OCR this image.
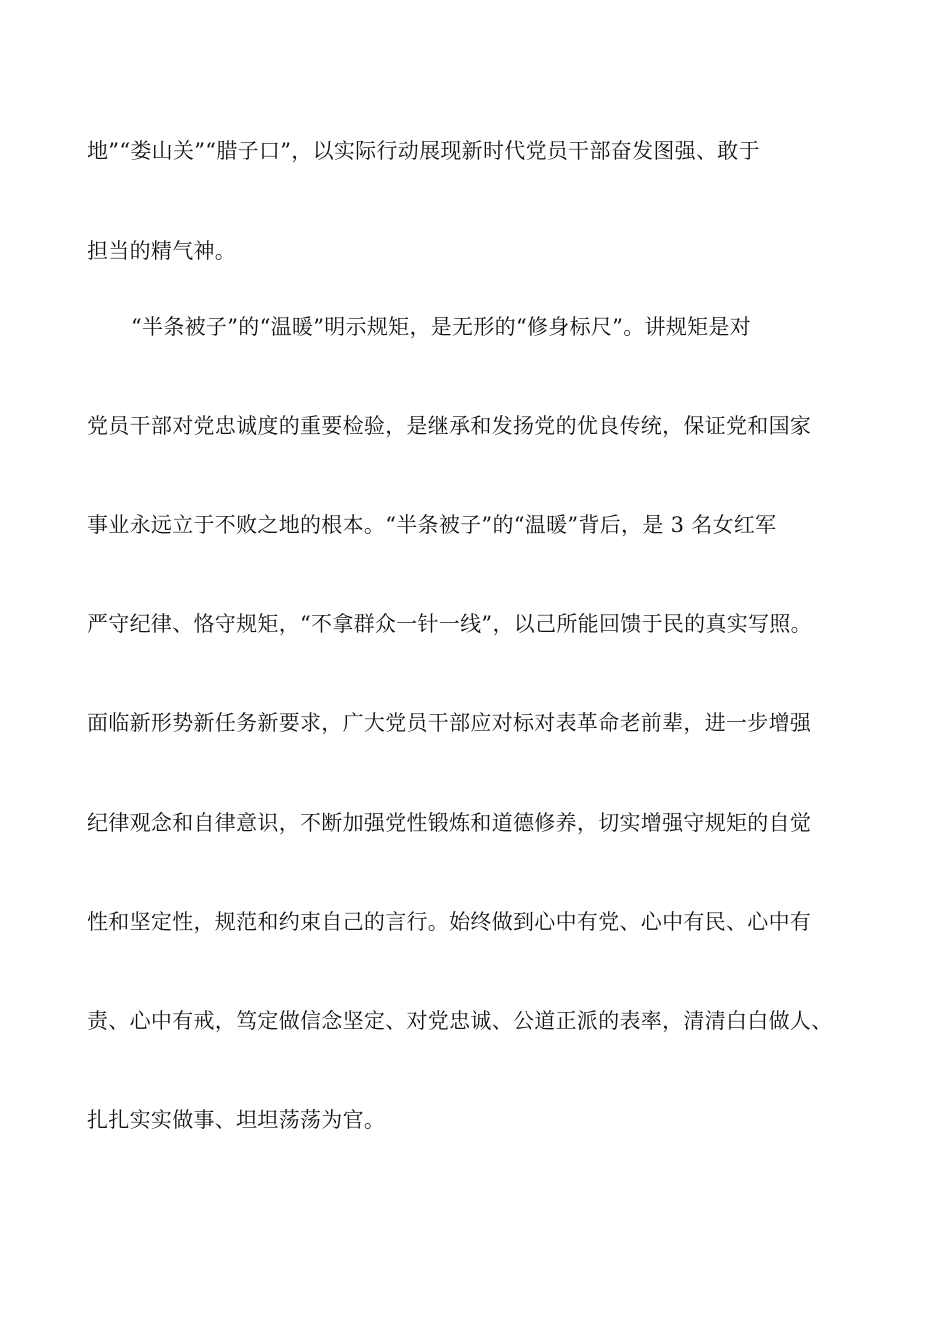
地”“娄山关”“腊子口”，以实际行动展现新时代党员干部奋发图强、敢于
担当的精气神。
“半条被子”的“温暖”明示规矩，是无形的“修身标尺”。讲规矩是对
党员干部对党忠诚度的重要检验，是继承和发扬党的优良传统，保证党和国家
事业永远立于不败之地的根本。“半条被子”的“温暖”背后，是 3 名女红军
严守纪律、恪守规矩，“不拿群众一针一线”，以己所能回馈于民的真实写照。
面临新形势新任务新要求，广大党员干部应对标对表革命老前辈，进一步增强
纪律观念和自律意识，不断加强党性锻炼和道德修养，切实增强守规矩的自觉
性和坚定性，规范和约束自己的言行。始终做到心中有党、心中有民、心中有
责、心中有戒，笃定做信念坚定、对党忠诚、公道正派的表率，清清白白做人、
扎扎实实做事、坦坦荡荡为官。
